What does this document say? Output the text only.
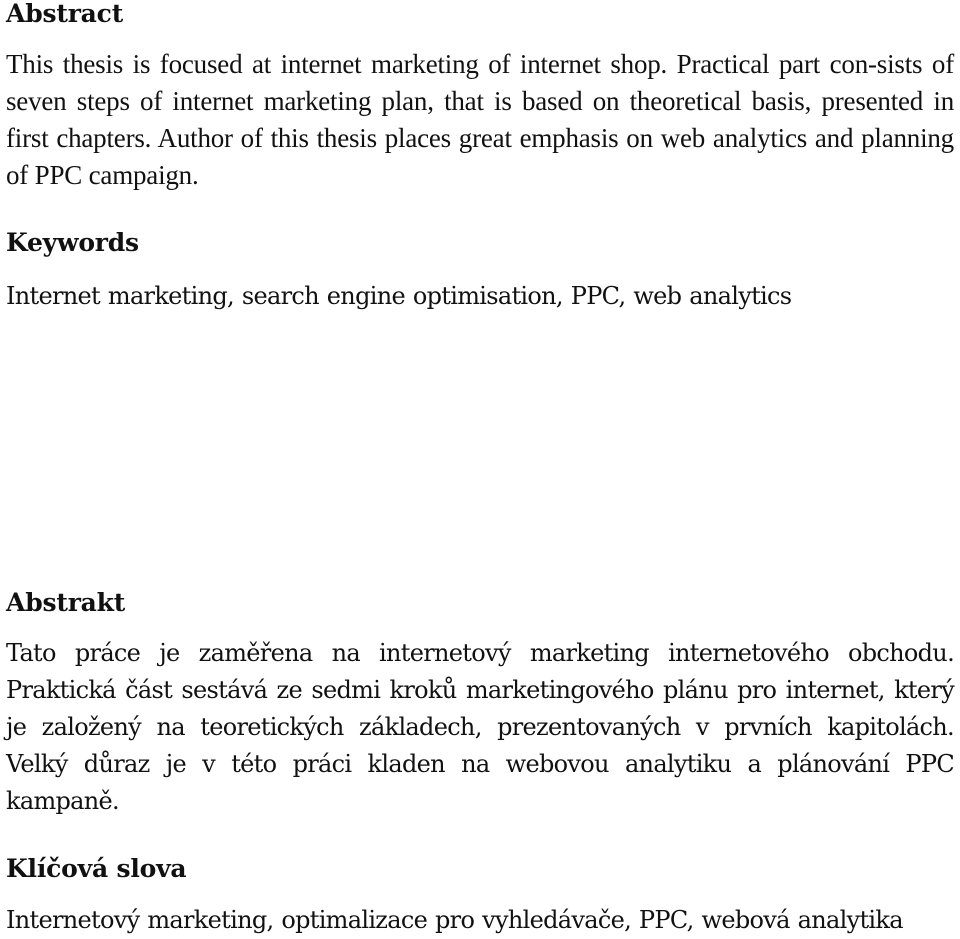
Abstract

This thesis is focused at internet marketing of internet shop. Practical part con-sists of seven steps of internet marketing plan, that is based on theoretical basis, presented in first chapters. Author of this thesis places great emphasis on web analytics and planning of PPC campaign.

Keywords

Internet marketing, search engine optimisation, PPC, web analytics

Abstrakt

Tato práce je zaměřena na internetový marketing internetového obchodu. Praktická část sestává ze sedmi kroků marketingového plánu pro internet, který je založený na teoretických základech, prezentovaných v prvních kapitolách. Velký důraz je v této práci kladen na webovou analytiku a plánování PPC kampaně.

Klíčová slova

Internetový marketing, optimalizace pro vyhledávače, PPC, webová analytika
